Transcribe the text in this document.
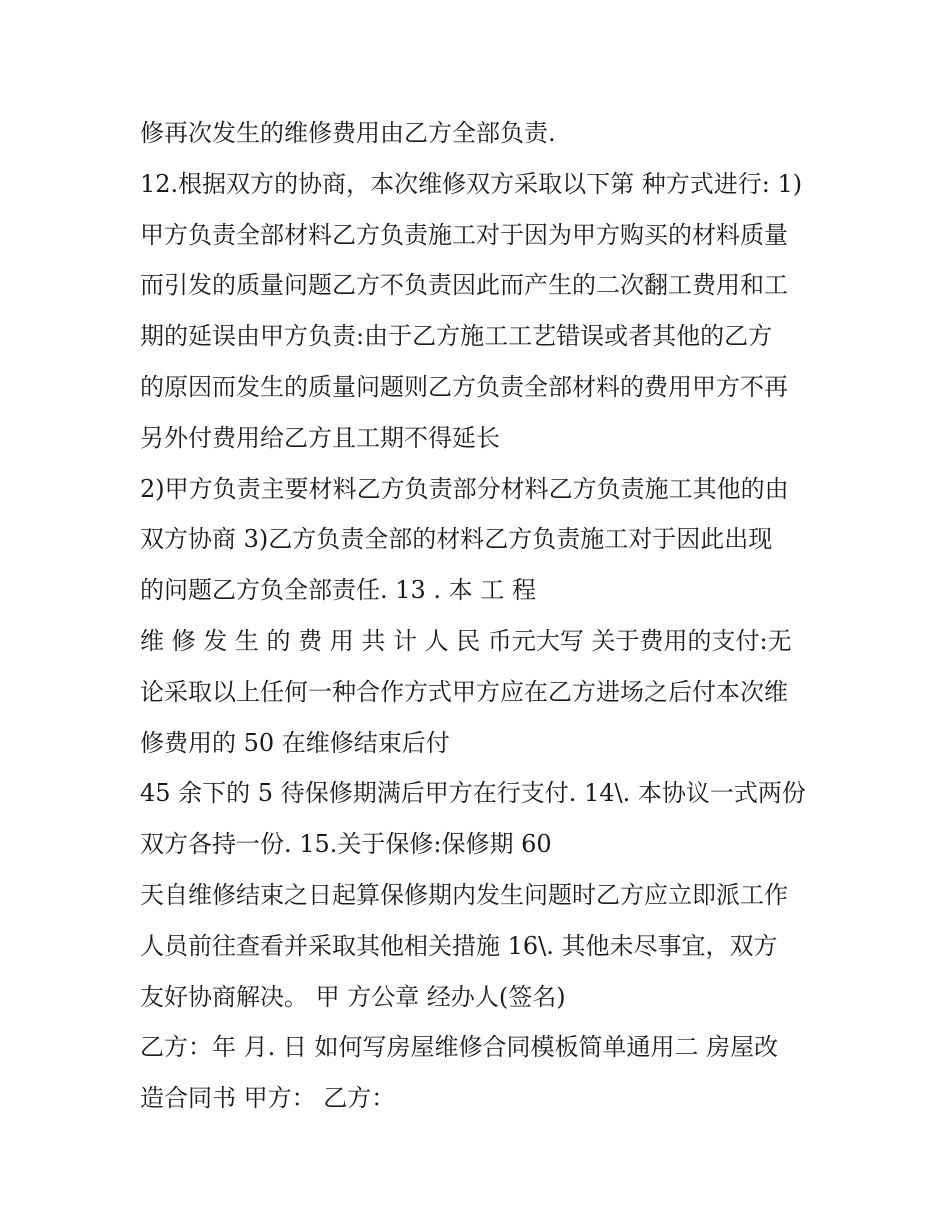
修再次发生的维修费用由乙方全部负责.
12.根据双方的协商，本次维修双方采取以下第 种方式进行: 1)
甲方负责全部材料乙方负责施工对于因为甲方购买的材料质量
而引发的质量问题乙方不负责因此而产生的二次翻工费用和工
期的延误由甲方负责:由于乙方施工工艺错误或者其他的乙方
的原因而发生的质量问题则乙方负责全部材料的费用甲方不再
另外付费用给乙方且工期不得延长
2)甲方负责主要材料乙方负责部分材料乙方负责施工其他的由
双方协商 3)乙方负责全部的材料乙方负责施工对于因此出现
的问题乙方负全部责任. 13 . 本 工 程
维 修 发 生 的 费 用 共 计 人 民 币元大写 关于费用的支付:无
论采取以上任何一种合作方式甲方应在乙方进场之后付本次维
修费用的 50 在维修结束后付
45 余下的 5 待保修期满后甲方在行支付. 14\. 本协议一式两份
双方各持一份. 15.关于保修:保修期 60
天自维修结束之日起算保修期内发生问题时乙方应立即派工作
人员前往查看并采取其他相关措施 16\. 其他未尽事宜，双方
友好协商解决。 甲 方公章 经办人(签名)
乙方：年 月. 日 如何写房屋维修合同模板简单通用二 房屋改
造合同书 甲方： 乙方：
